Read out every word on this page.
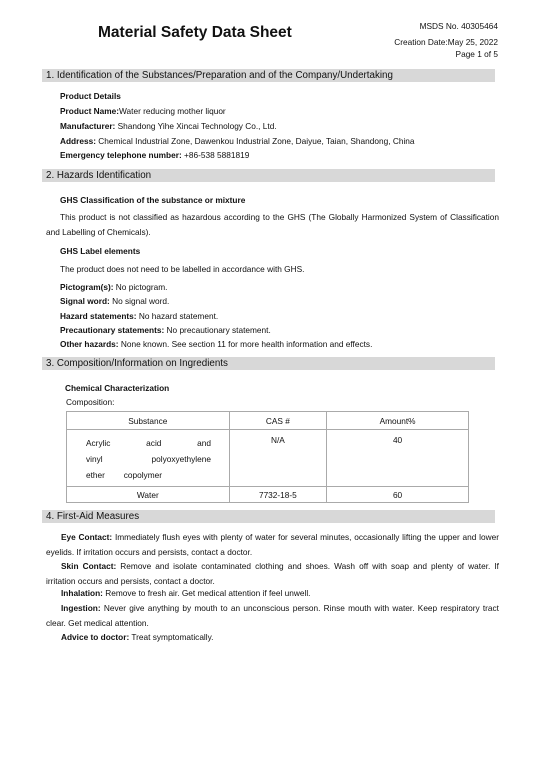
Material Safety Data Sheet	MSDS No. 40305464
Creation Date:May 25, 2022
Page 1 of 5
1. Identification of the Substances/Preparation and of the Company/Undertaking
Product Details
Product Name:Water reducing mother liquor
Manufacturer: Shandong Yihe Xincai Technology Co., Ltd.
Address: Chemical Industrial Zone, Dawenkou Industrial Zone, Daiyue, Taian, Shandong, China
Emergency telephone number: +86-538 5881819
2. Hazards Identification
GHS Classification of the substance or mixture
This product is not classified as hazardous according to the GHS (The Globally Harmonized System of Classification and Labelling of Chemicals).
GHS Label elements
The product does not need to be labelled in accordance with GHS.
Pictogram(s): No pictogram.
Signal word: No signal word.
Hazard statements: No hazard statement.
Precautionary statements: No precautionary statement.
Other hazards: None known. See section 11 for more health information and effects.
3. Composition/Information on Ingredients
Chemical Characterization
Composition:
Substance	CAS #	Amount%

Acrylic acid and
vinyl polyoxyethylene
ether copolymer	N/A	40
Water	7732-18-5	60
4. First-Aid Measures
Eye Contact: Immediately flush eyes with plenty of water for several minutes, occasionally lifting the upper and lower eyelids. If irritation occurs and persists, contact a doctor.
Skin Contact: Remove and isolate contaminated clothing and shoes. Wash off with soap and plenty of water. If irritation occurs and persists, contact a doctor.
Inhalation: Remove to fresh air. Get medical attention if feel unwell.
Ingestion: Never give anything by mouth to an unconscious person. Rinse mouth with water. Keep respiratory tract clear. Get medical attention.
Advice to doctor: Treat symptomatically.
